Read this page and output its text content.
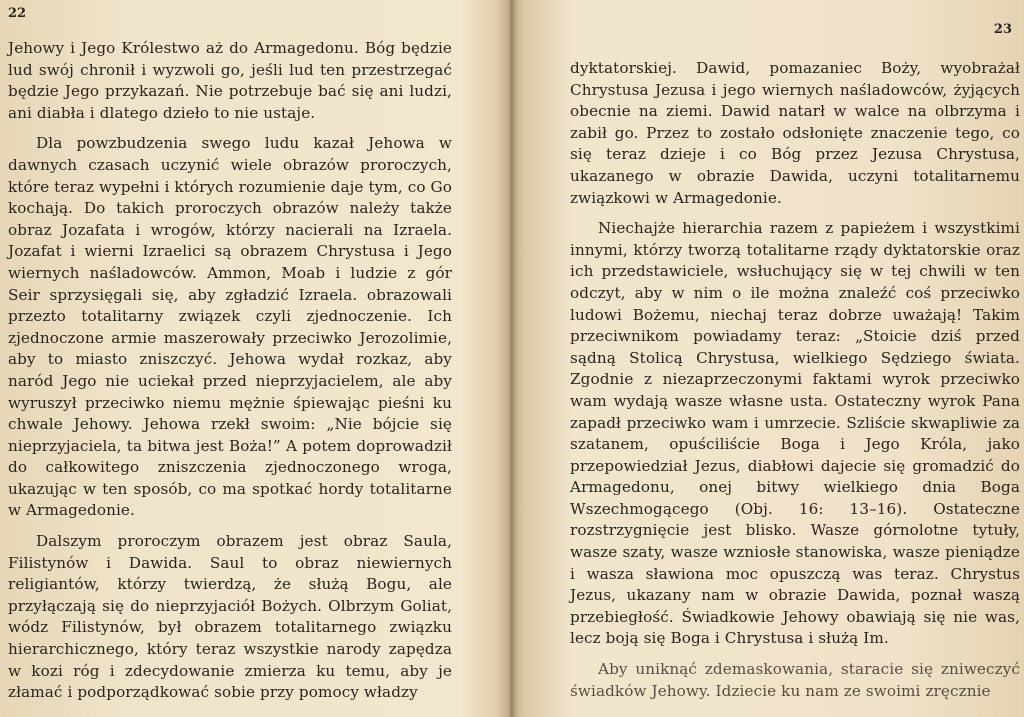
22

Jehowy i Jego Królestwo aż do Armagedonu. Bóg będzie lud swój chronił i wyzwoli go, jeśli lud ten przestrzegać będzie Jego przykazań. Nie potrzebuje bać się ani ludzi, ani diabła i dlatego dzieło to nie ustaje.

Dla powzbudzenia swego ludu kazał Jehowa w dawnych czasach uczynić wiele obrazów proroczych, które teraz wypełni i których rozumienie daje tym, co Go kochają. Do takich proroczych obrazów należy także obraz Jozafata i wrogów, którzy nacierali na Izraela. Jozafat i wierni Izraelici są obrazem Chrystusa i Jego wiernych naśladowców. Ammon, Moab i ludzie z gór Seir sprzysięgali się, aby zgładzić Izraela. obrazowali przezto totalitarny związek czyli zjednoczenie. Ich zjednoczone armie maszerowały przeciwko Jerozolimie, aby to miasto zniszczyć. Jehowa wydał rozkaz, aby naród Jego nie uciekał przed nieprzyjacielem, ale aby wyruszył przeciwko niemu mężnie śpiewając pieśni ku chwale Jehowy. Jehowa rzekł swoim: „Nie bójcie się nieprzyjaciela, ta bitwa jest Boża!” A potem doprowadził do całkowitego zniszczenia zjednoczonego wroga, ukazując w ten sposób, co ma spotkać hordy totalitarne w Armagedonie.

Dalszym proroczym obrazem jest obraz Saula, Filistynów i Dawida. Saul to obraz niewiernych religiantów, którzy twierdzą, że służą Bogu, ale przyłączają się do nieprzyjaciół Bożych. Olbrzym Goliat, wódz Filistynów, był obrazem totalitarnego związku hierarchicznego, który teraz wszystkie narody zapędza w kozi róg i zdecydowanie zmierza ku temu, aby je złamać i podporządkować sobie przy pomocy władzy

23

dyktatorskiej. Dawid, pomazaniec Boży, wyobrażał Chrystusa Jezusa i jego wiernych naśladowców, żyjących obecnie na ziemi. Dawid natarł w walce na olbrzyma i zabił go. Przez to zostało odsłonięte znaczenie tego, co się teraz dzieje i co Bóg przez Jezusa Chrystusa, ukazanego w obrazie Dawida, uczyni totalitarnemu związkowi w Armagedonie.

Niechajże hierarchia razem z papieżem i wszystkimi innymi, którzy tworzą totalitarne rządy dyktatorskie oraz ich przedstawiciele, wsłuchujący się w tej chwili w ten odczyt, aby w nim o ile można znaleźć coś przeciwko ludowi Bożemu, niechaj teraz dobrze uważają! Takim przeciwnikom powiadamy teraz: „Stoicie dziś przed sądną Stolicą Chrystusa, wielkiego Sędziego świata. Zgodnie z niezaprzeczonymi faktami wyrok przeciwko wam wydają wasze własne usta. Ostateczny wyrok Pana zapadł przeciwko wam i umrzecie. Szliście skwapliwie za szatanem, opuściliście Boga i Jego Króla, jako przepowiedział Jezus, diabłowi dajecie się gromadzić do Armagedonu, onej bitwy wielkiego dnia Boga Wszechmogącego (Obj. 16: 13–16). Ostateczne rozstrzygnięcie jest blisko. Wasze górnolotne tytuły, wasze szaty, wasze wzniosłe stanowiska, wasze pieniądze i wasza sławiona moc opuszczą was teraz. Chrystus Jezus, ukazany nam w obrazie Dawida, poznał waszą przebiegłość. Świadkowie Jehowy obawiają się nie was, lecz boją się Boga i Chrystusa i służą Im.

Aby uniknąć zdemaskowania, staracie się zniweczyć świadków Jehowy. Idziecie ku nam ze swoimi zręcznie
